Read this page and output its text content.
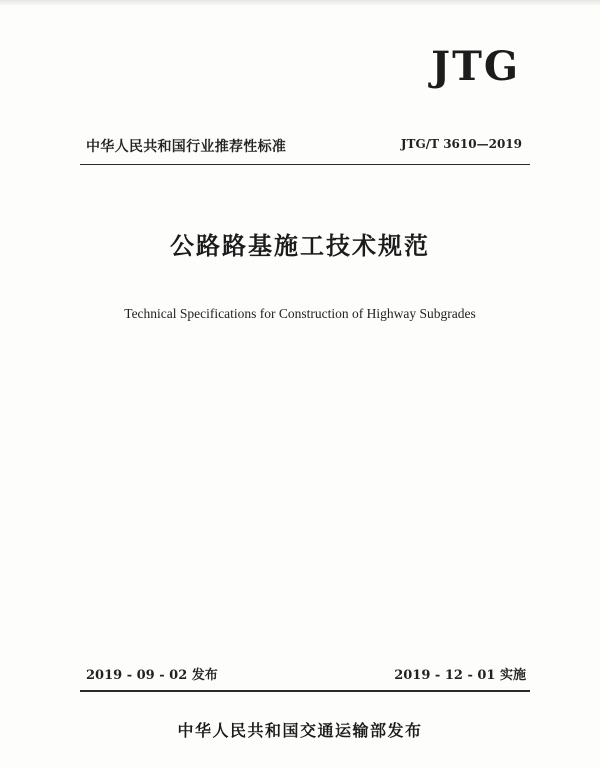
JTG
中华人民共和国行业推荐性标准	JTG/T 3610—2019
公路路基施工技术规范
Technical Specifications for Construction of Highway Subgrades
2019 - 09 - 02 发布	2019 - 12 - 01 实施
中华人民共和国交通运输部发布
